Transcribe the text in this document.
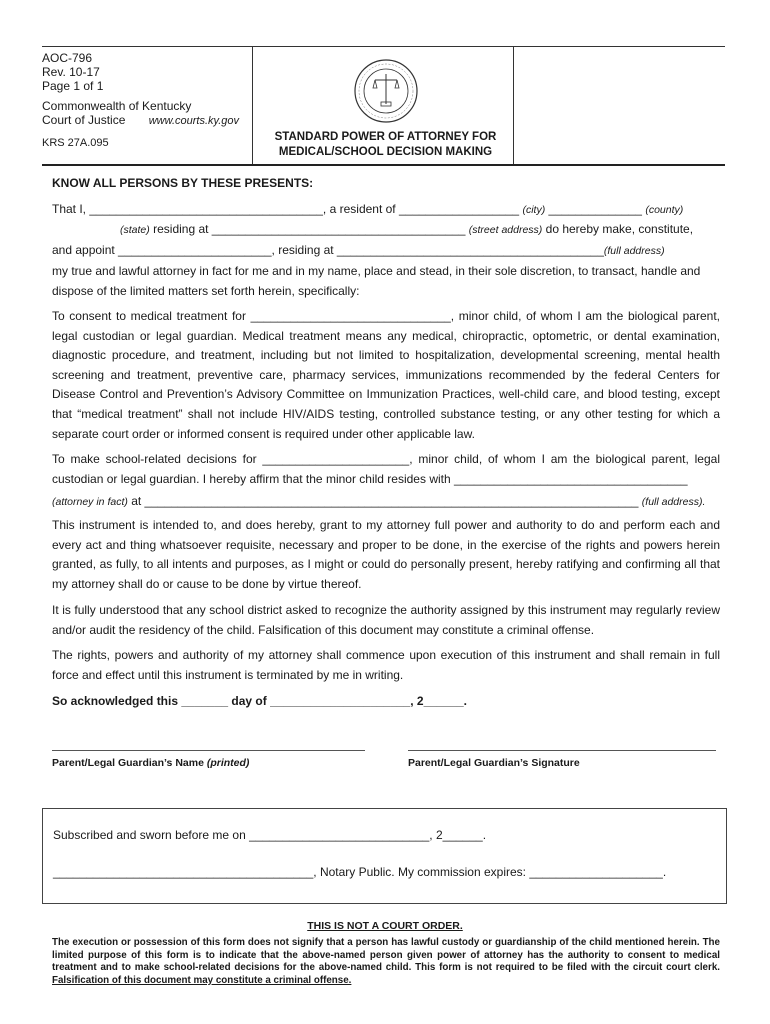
AOC-796
Rev. 10-17
Page 1 of 1
Commonwealth of Kentucky
Court of Justice www.courts.ky.gov
KRS 27A.095	STANDARD POWER OF ATTORNEY FOR
MEDICAL/SCHOOL DECISION MAKING
KNOW ALL PERSONS BY THESE PRESENTS:
That I, ___________________________________, a resident of __________________ (city) ______________ (county)
(state) residing at ______________________________________ (street address) do hereby make, constitute,
and appoint _______________________, residing at ________________________________________(full address)
my true and lawful attorney in fact for me and in my name, place and stead, in their sole discretion, to transact, handle and
dispose of the limited matters set forth herein, specifically:
To consent to medical treatment for ______________________________, minor child, of whom I am the biological parent, legal custodian or legal guardian. Medical treatment means any medical, chiropractic, optometric, or dental examination, diagnostic procedure, and treatment, including but not limited to hospitalization, developmental screening, mental health screening and treatment, preventive care, pharmacy services, immunizations recommended by the federal Centers for Disease Control and Prevention’s Advisory Committee on Immunization Practices, well-child care, and blood testing, except that “medical treatment” shall not include HIV/AIDS testing, controlled substance testing, or any other testing for which a separate court order or informed consent is required under other applicable law.
To make school-related decisions for ______________________, minor child, of whom I am the biological parent, legal custodian or legal guardian. I hereby affirm that the minor child resides with ___________________________________
(attorney in fact) at __________________________________________________________________________ (full address).
This instrument is intended to, and does hereby, grant to my attorney full power and authority to do and perform each and every act and thing whatsoever requisite, necessary and proper to be done, in the exercise of the rights and powers herein granted, as fully, to all intents and purposes, as I might or could do personally present, hereby ratifying and confirming all that my attorney shall do or cause to be done by virtue thereof.
It is fully understood that any school district asked to recognize the authority assigned by this instrument may regularly review and/or audit the residency of the child. Falsification of this document may constitute a criminal offense.
The rights, powers and authority of my attorney shall commence upon execution of this instrument and shall remain in full force and effect until this instrument is terminated by me in writing.
So acknowledged this _______ day of _____________________, 2______.
Parent/Legal Guardian’s Name (printed)	Parent/Legal Guardian’s Signature
Subscribed and sworn before me on ___________________________, 2______.
_______________________________________, Notary Public. My commission expires: ____________________.
THIS IS NOT A COURT ORDER.
The execution or possession of this form does not signify that a person has lawful custody or guardianship of the child mentioned herein. The limited purpose of this form is to indicate that the above-named person given power of attorney has the authority to consent to medical treatment and to make school-related decisions for the above-named child. This form is not required to be filed with the circuit court clerk. Falsification of this document may constitute a criminal offense.
